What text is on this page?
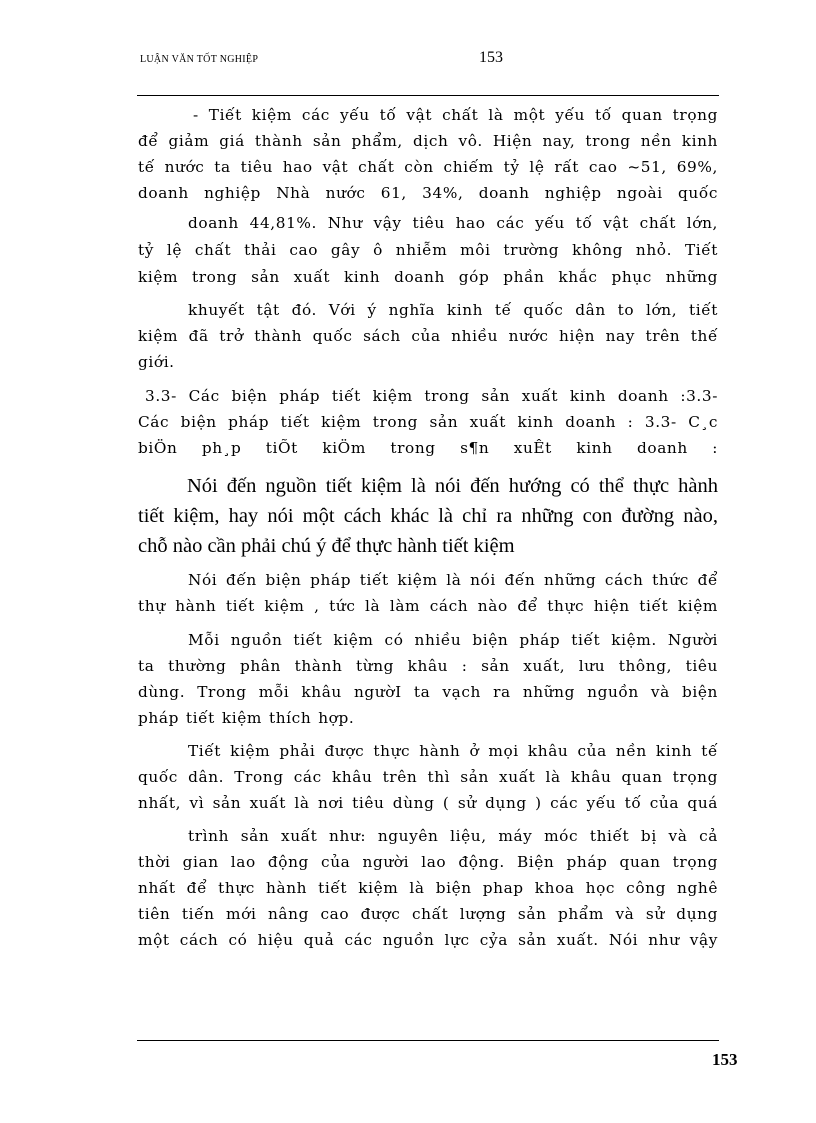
LUẬN VĂN TỐT NGHIỆP	153
- Tiết kiệm các yếu tố vật chất là một yếu tố quan trọng
để giảm giá thành sản phẩm, dịch vô. Hiện nay, trong nền kinh
tế nước ta tiêu hao vật chất còn chiếm tỷ lệ rất cao ~51, 69%,
doanh nghiệp Nhà nước 61, 34%, doanh nghiệp ngoài quốc
doanh 44,81%. Như vậy tiêu hao các yếu tố vật chất lớn,
tỷ lệ chất thải cao gây ô nhiễm môi trường không nhỏ. Tiết
kiệm trong sản xuất kinh doanh góp phần khắc phục những
khuyết tật đó. Với ý nghĩa kinh tế quốc dân to lớn, tiết
kiệm đã trở thành quốc sách của nhiều nước hiện nay trên thế
giới.
3.3- Các biện pháp tiết kiệm trong sản xuất kinh doanh :3.3-
Các biện pháp tiết kiệm trong sản xuất kinh doanh : 3.3- C¸c
biÖn ph¸p tiÕt kiÖm trong s¶n xuÊt kinh doanh :
Nói đến nguồn tiết kiệm là nói đến hướng có thể thực hành
tiết kiệm, hay nói một cách khác là chỉ ra những con đường nào,
chỗ nào cần phải chú ý để thực hành tiết kiệm
Nói đến biện pháp tiết kiệm là nói đến những cách thức để
thự hành tiết kiệm , tức là làm cách nào để thực hiện tiết kiệm
Mỗi nguồn tiết kiệm có nhiều biện pháp tiết kiệm. Người
ta thường phân thành từng khâu : sản xuất, lưu thông, tiêu
dùng. Trong mỗi khâu ngườI ta vạch ra những nguồn và biện
pháp tiết kiệm thích hợp.
Tiết kiệm phải được thực hành ở mọi khâu của nền kinh tế
quốc dân. Trong các khâu trên thì sản xuất là khâu quan trọng
nhất, vì sản xuất là nơi tiêu dùng ( sử dụng ) các yếu tố của quá
trình sản xuất như: nguyên liệu, máy móc thiết bị và cả
thời gian lao động của người lao động. Biện pháp quan trọng
nhất để thực hành tiết kiệm là biện phap khoa học công nghê
tiên tiến mới nâng cao được chất lượng sản phẩm và sử dụng
một cách có hiệu quả các nguồn lực cỷa sản xuất. Nói như vậy
153
